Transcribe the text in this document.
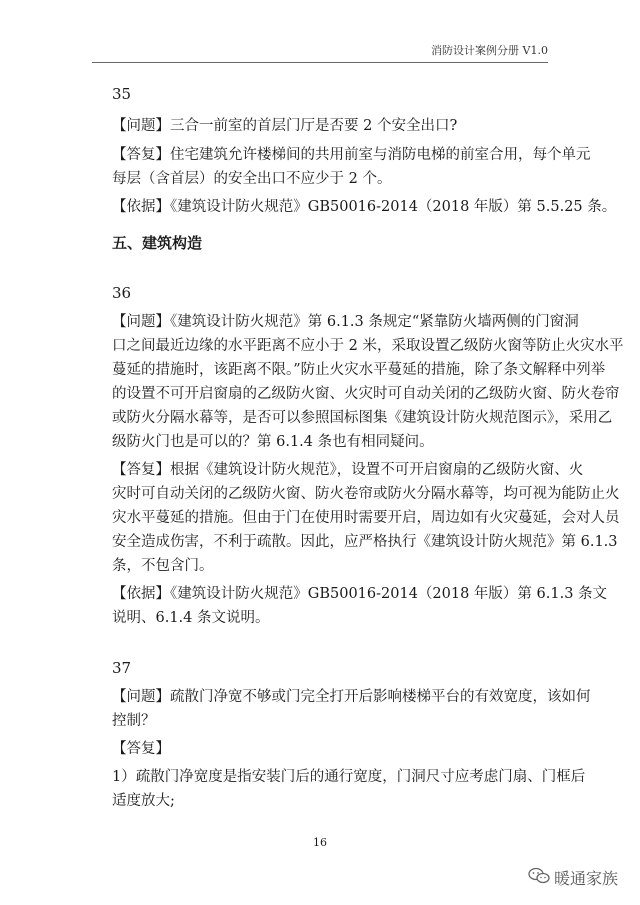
消防设计案例分册 V1.0
35
【问题】三合一前室的首层门厅是否要 2 个安全出口?
【答复】住宅建筑允许楼梯间的共用前室与消防电梯的前室合用，每个单元
每层（含首层）的安全出口不应少于 2 个。
【依据】《建筑设计防火规范》GB50016-2014（2018 年版）第 5.5.25 条。
五、建筑构造
36
【问题】《建筑设计防火规范》第 6.1.3 条规定“紧靠防火墙两侧的门窗洞
口之间最近边缘的水平距离不应小于 2 米，采取设置乙级防火窗等防止火灾水平
蔓延的措施时，该距离不限。”防止火灾水平蔓延的措施，除了条文解释中列举
的设置不可开启窗扇的乙级防火窗、火灾时可自动关闭的乙级防火窗、防火卷帘
或防火分隔水幕等，是否可以参照国标图集《建筑设计防火规范图示》，采用乙
级防火门也是可以的？第 6.1.4 条也有相同疑问。
【答复】根据《建筑设计防火规范》，设置不可开启窗扇的乙级防火窗、火
灾时可自动关闭的乙级防火窗、防火卷帘或防火分隔水幕等，均可视为能防止火
灾水平蔓延的措施。但由于门在使用时需要开启，周边如有火灾蔓延，会对人员
安全造成伤害，不利于疏散。因此，应严格执行《建筑设计防火规范》第 6.1.3
条，不包含门。
【依据】《建筑设计防火规范》GB50016-2014（2018 年版）第 6.1.3 条文
说明、6.1.4 条文说明。
37
【问题】疏散门净宽不够或门完全打开后影响楼梯平台的有效宽度，该如何
控制？
【答复】
1）疏散门净宽度是指安装门后的通行宽度，门洞尺寸应考虑门扇、门框后
适度放大;
16
暖通家族
